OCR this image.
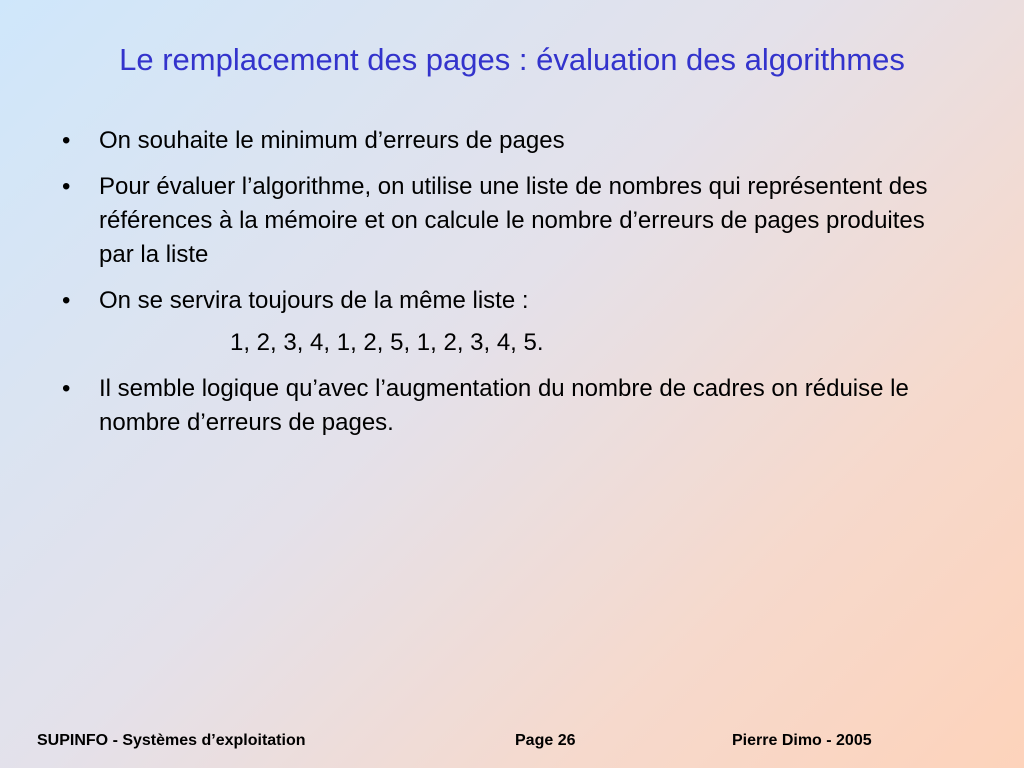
Le remplacement des pages : évaluation des algorithmes
• On souhaite le minimum d’erreurs de pages
• Pour évaluer l’algorithme, on utilise une liste de nombres qui représentent des références à la mémoire et on calcule le nombre d’erreurs de pages produites par la liste
• On se servira toujours de la même liste :
1, 2, 3, 4, 1, 2, 5, 1, 2, 3, 4, 5.
• Il semble logique qu’avec l’augmentation du nombre de cadres on réduise le nombre d’erreurs de pages.
SUPINFO - Systèmes d’exploitation	Page 26	Pierre Dimo - 2005
